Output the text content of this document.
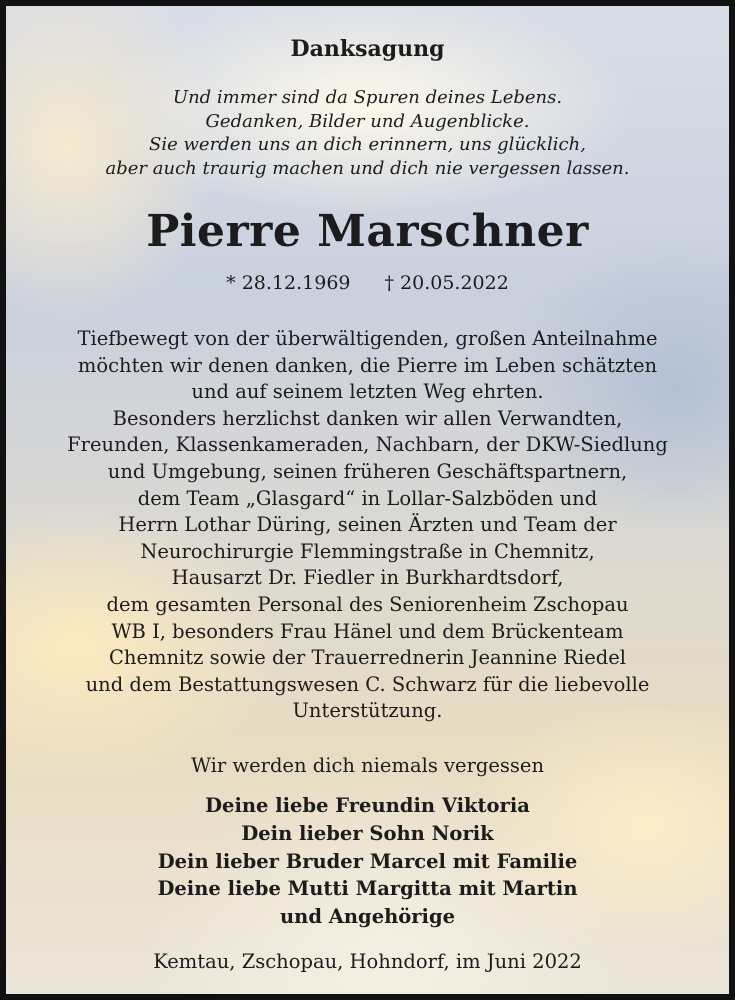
Danksagung
Und immer sind da Spuren deines Lebens.
Gedanken, Bilder und Augenblicke.
Sie werden uns an dich erinnern, uns glücklich,
aber auch traurig machen und dich nie vergessen lassen.
Pierre Marschner
* 28.12.1969 † 20.05.2022
Tiefbewegt von der überwältigenden, großen Anteilnahme
möchten wir denen danken, die Pierre im Leben schätzten
und auf seinem letzten Weg ehrten.
Besonders herzlichst danken wir allen Verwandten,
Freunden, Klassenkameraden, Nachbarn, der DKW-Siedlung
und Umgebung, seinen früheren Geschäftspartnern,
dem Team „Glasgard“ in Lollar-Salzböden und
Herrn Lothar Düring, seinen Ärzten und Team der
Neurochirurgie Flemmingstraße in Chemnitz,
Hausarzt Dr. Fiedler in Burkhardtsdorf,
dem gesamten Personal des Seniorenheim Zschopau
WB I, besonders Frau Hänel und dem Brückenteam
Chemnitz sowie der Trauerrednerin Jeannine Riedel
und dem Bestattungswesen C. Schwarz für die liebevolle
Unterstützung.
Wir werden dich niemals vergessen
Deine liebe Freundin Viktoria
Dein lieber Sohn Norik
Dein lieber Bruder Marcel mit Familie
Deine liebe Mutti Margitta mit Martin
und Angehörige
Kemtau, Zschopau, Hohndorf, im Juni 2022
